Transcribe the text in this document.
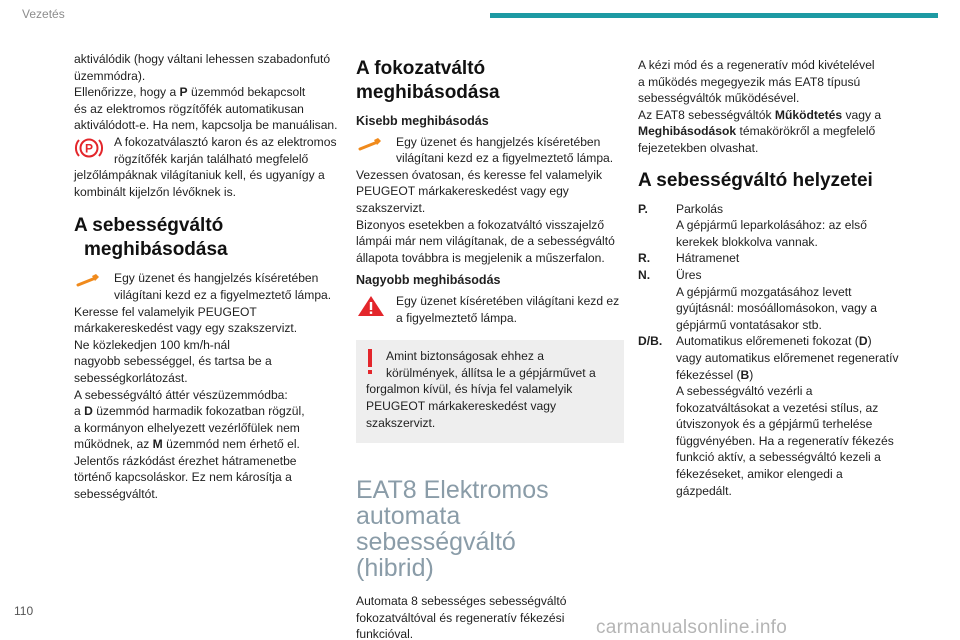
Vezetés

aktiválódik (hogy váltani lehessen szabadonfutó
üzemmódra).
Ellenőrizze, hogy a P üzemmód bekapcsolt
és az elektromos rögzítőfék automatikusan
aktiválódott-e. Ha nem, kapcsolja be manuálisan.

P	A fokozatválasztó karon és az elektromos
rögzítőfék karján található megfelelő
jelzőlámpáknak világítaniuk kell, és ugyanígy a
kombinált kijelzőn lévőknek is.
A sebességváltó
meghibásodása
Egy üzenet és hangjelzés kíséretében
világítani kezd ez a figyelmeztető lámpa.
Keresse fel valamelyik PEUGEOT
márkakereskedést vagy egy szakszervizt.
Ne közlekedjen 100 km/h-nál
nagyobb sebességgel, és tartsa be a
sebességkorlátozást.
A sebességváltó áttér vészüzemmódba:
a D üzemmód harmadik fokozatban rögzül,
a kormányon elhelyezett vezérlőfülek nem
működnek, az M üzemmód nem érhető el.
Jelentős rázkódást érezhet hátramenetbe
történő kapcsoláskor. Ez nem károsítja a
sebességváltót.
A fokozatváltó
meghibásodása
Kisebb meghibásodás
Egy üzenet és hangjelzés kíséretében
világítani kezd ez a figyelmeztető lámpa.
Vezessen óvatosan, és keresse fel valamelyik
PEUGEOT márkakereskedést vagy egy
szakszervizt.
Bizonyos esetekben a fokozatváltó visszajelző
lámpái már nem világítanak, de a sebességváltó
állapota továbbra is megjelenik a műszerfalon.
Nagyobb meghibásodás
Egy üzenet kíséretében világítani kezd ez
a figyelmeztető lámpa.
Amint biztonságosak ehhez a
körülmények, állítsa le a gépjárművet a
forgalmon kívül, és hívja fel valamelyik
PEUGEOT márkakereskedést vagy
szakszervizt.
EAT8 Elektromos
automata sebességváltó
(hibrid)

Automata 8 sebességes sebességváltó
fokozatváltóval és regeneratív fékezési
funkcióval.

A kézi mód és a regeneratív mód kivételével
a működés megegyezik más EAT8 típusú
sebességváltók működésével.
Az EAT8 sebességváltók Működtetés vagy a
Meghibásodások témakörökről a megfelelő
fejezetekben olvashat.

A sebességváltó helyzetei
P.	Parkolás
A gépjármű leparkolásához: az első
kerekek blokkolva vannak.
R.	Hátramenet
N.	Üres
A gépjármű mozgatásához levett
gyújtásnál: mosóállomásokon, vagy a
gépjármű vontatásakor stb.
D/B.	Automatikus előremeneti fokozat (D)
vagy automatikus előremenet regeneratív
fékezéssel (B)
A sebességváltó vezérli a
fokozatváltásokat a vezetési stílus, az
útviszonyok és a gépjármű terhelése
függvényében. Ha a regeneratív fékezés
funkció aktív, a sebességváltó kezeli a
fékezéseket, amikor elengedi a gázpedált.
110
carmanualsonline.info
